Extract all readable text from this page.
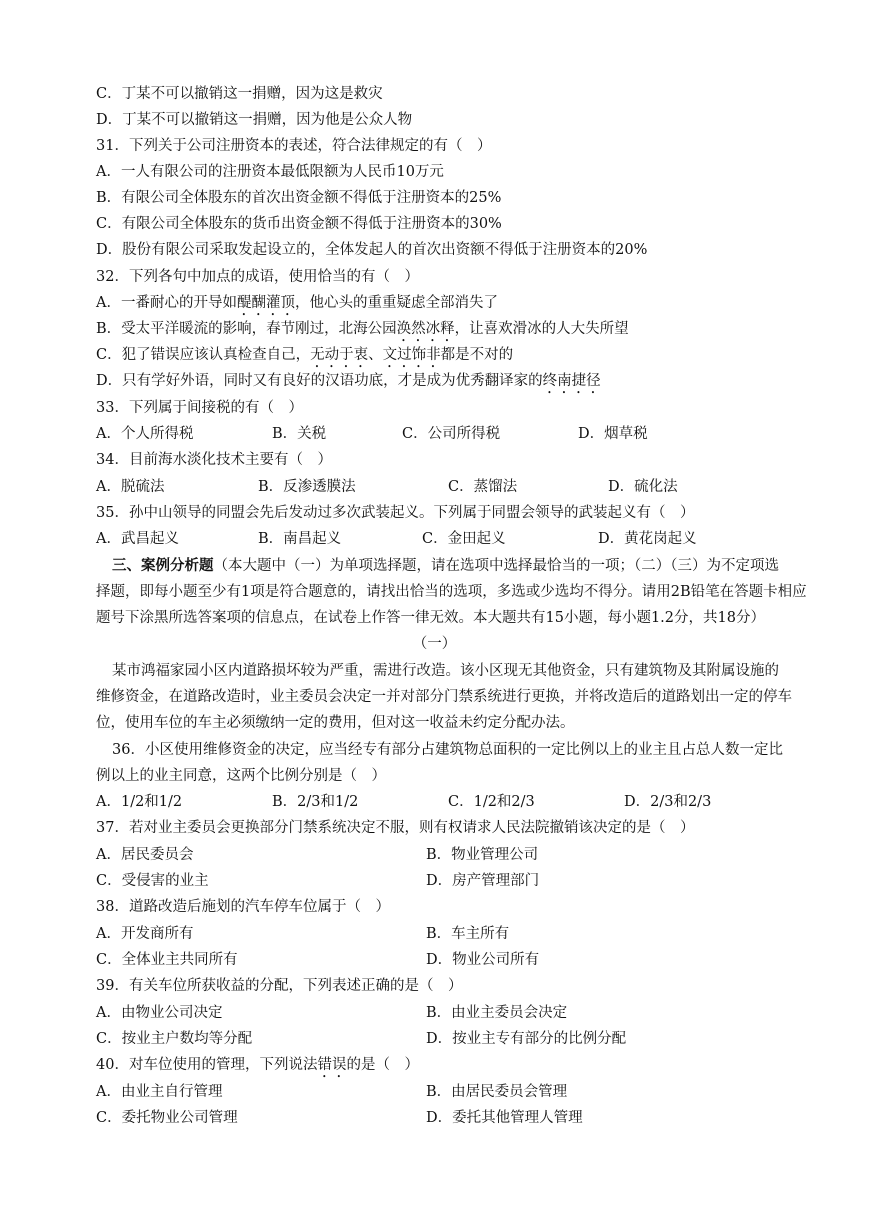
C．丁某不可以撤销这一捐赠，因为这是救灾
D．丁某不可以撤销这一捐赠，因为他是公众人物
31．下列关于公司注册资本的表述，符合法律规定的有（　）
A．一人有限公司的注册资本最低限额为人民币10万元
B．有限公司全体股东的首次出资金额不得低于注册资本的25%
C．有限公司全体股东的货币出资金额不得低于注册资本的30%
D．股份有限公司采取发起设立的，全体发起人的首次出资额不得低于注册资本的20%
32．下列各句中加点的成语，使用恰当的有（　）
A．一番耐心的开导如醍醐灌顶，他心头的重重疑虑全部消失了
B．受太平洋暖流的影响，春节刚过，北海公园涣然冰释，让喜欢滑冰的人大失所望
C．犯了错误应该认真检查自己，无动于衷、文过饰非都是不对的
D．只有学好外语，同时又有良好的汉语功底，才是成为优秀翻译家的终南捷径
33．下列属于间接税的有（　）
A．个人所得税	B．关税	C．公司所得税	D．烟草税
34．目前海水淡化技术主要有（　）
A．脱硫法	B．反渗透膜法	C．蒸馏法	D．硫化法
35．孙中山领导的同盟会先后发动过多次武装起义。下列属于同盟会领导的武装起义有（　）
A．武昌起义	B．南昌起义	C．金田起义	D．黄花岗起义
三、案例分析题（本大题中（一）为单项选择题，请在选项中选择最恰当的一项；（二）（三）为不定项选
择题，即每小题至少有1项是符合题意的，请找出恰当的选项，多选或少选均不得分。请用2B铅笔在答题卡相应
题号下涂黑所选答案项的信息点，在试卷上作答一律无效。本大题共有15小题，每小题1.2分，共18分）
（一）
某市鸿福家园小区内道路损坏较为严重，需进行改造。该小区现无其他资金，只有建筑物及其附属设施的
维修资金，在道路改造时，业主委员会决定一并对部分门禁系统进行更换，并将改造后的道路划出一定的停车
位，使用车位的车主必须缴纳一定的费用，但对这一收益未约定分配办法。
36．小区使用维修资金的决定，应当经专有部分占建筑物总面积的一定比例以上的业主且占总人数一定比
例以上的业主同意，这两个比例分别是（　）
A．1/2和1/2	B．2/3和1/2	C．1/2和2/3	D．2/3和2/3
37．若对业主委员会更换部分门禁系统决定不服，则有权请求人民法院撤销该决定的是（　）
A．居民委员会	B．物业管理公司
C．受侵害的业主	D．房产管理部门
38．道路改造后施划的汽车停车位属于（　）
A．开发商所有	B．车主所有
C．全体业主共同所有	D．物业公司所有
39．有关车位所获收益的分配，下列表述正确的是（　）
A．由物业公司决定	B．由业主委员会决定
C．按业主户数均等分配	D．按业主专有部分的比例分配
40．对车位使用的管理，下列说法错误的是（　）
A．由业主自行管理	B．由居民委员会管理
C．委托物业公司管理	D．委托其他管理人管理
